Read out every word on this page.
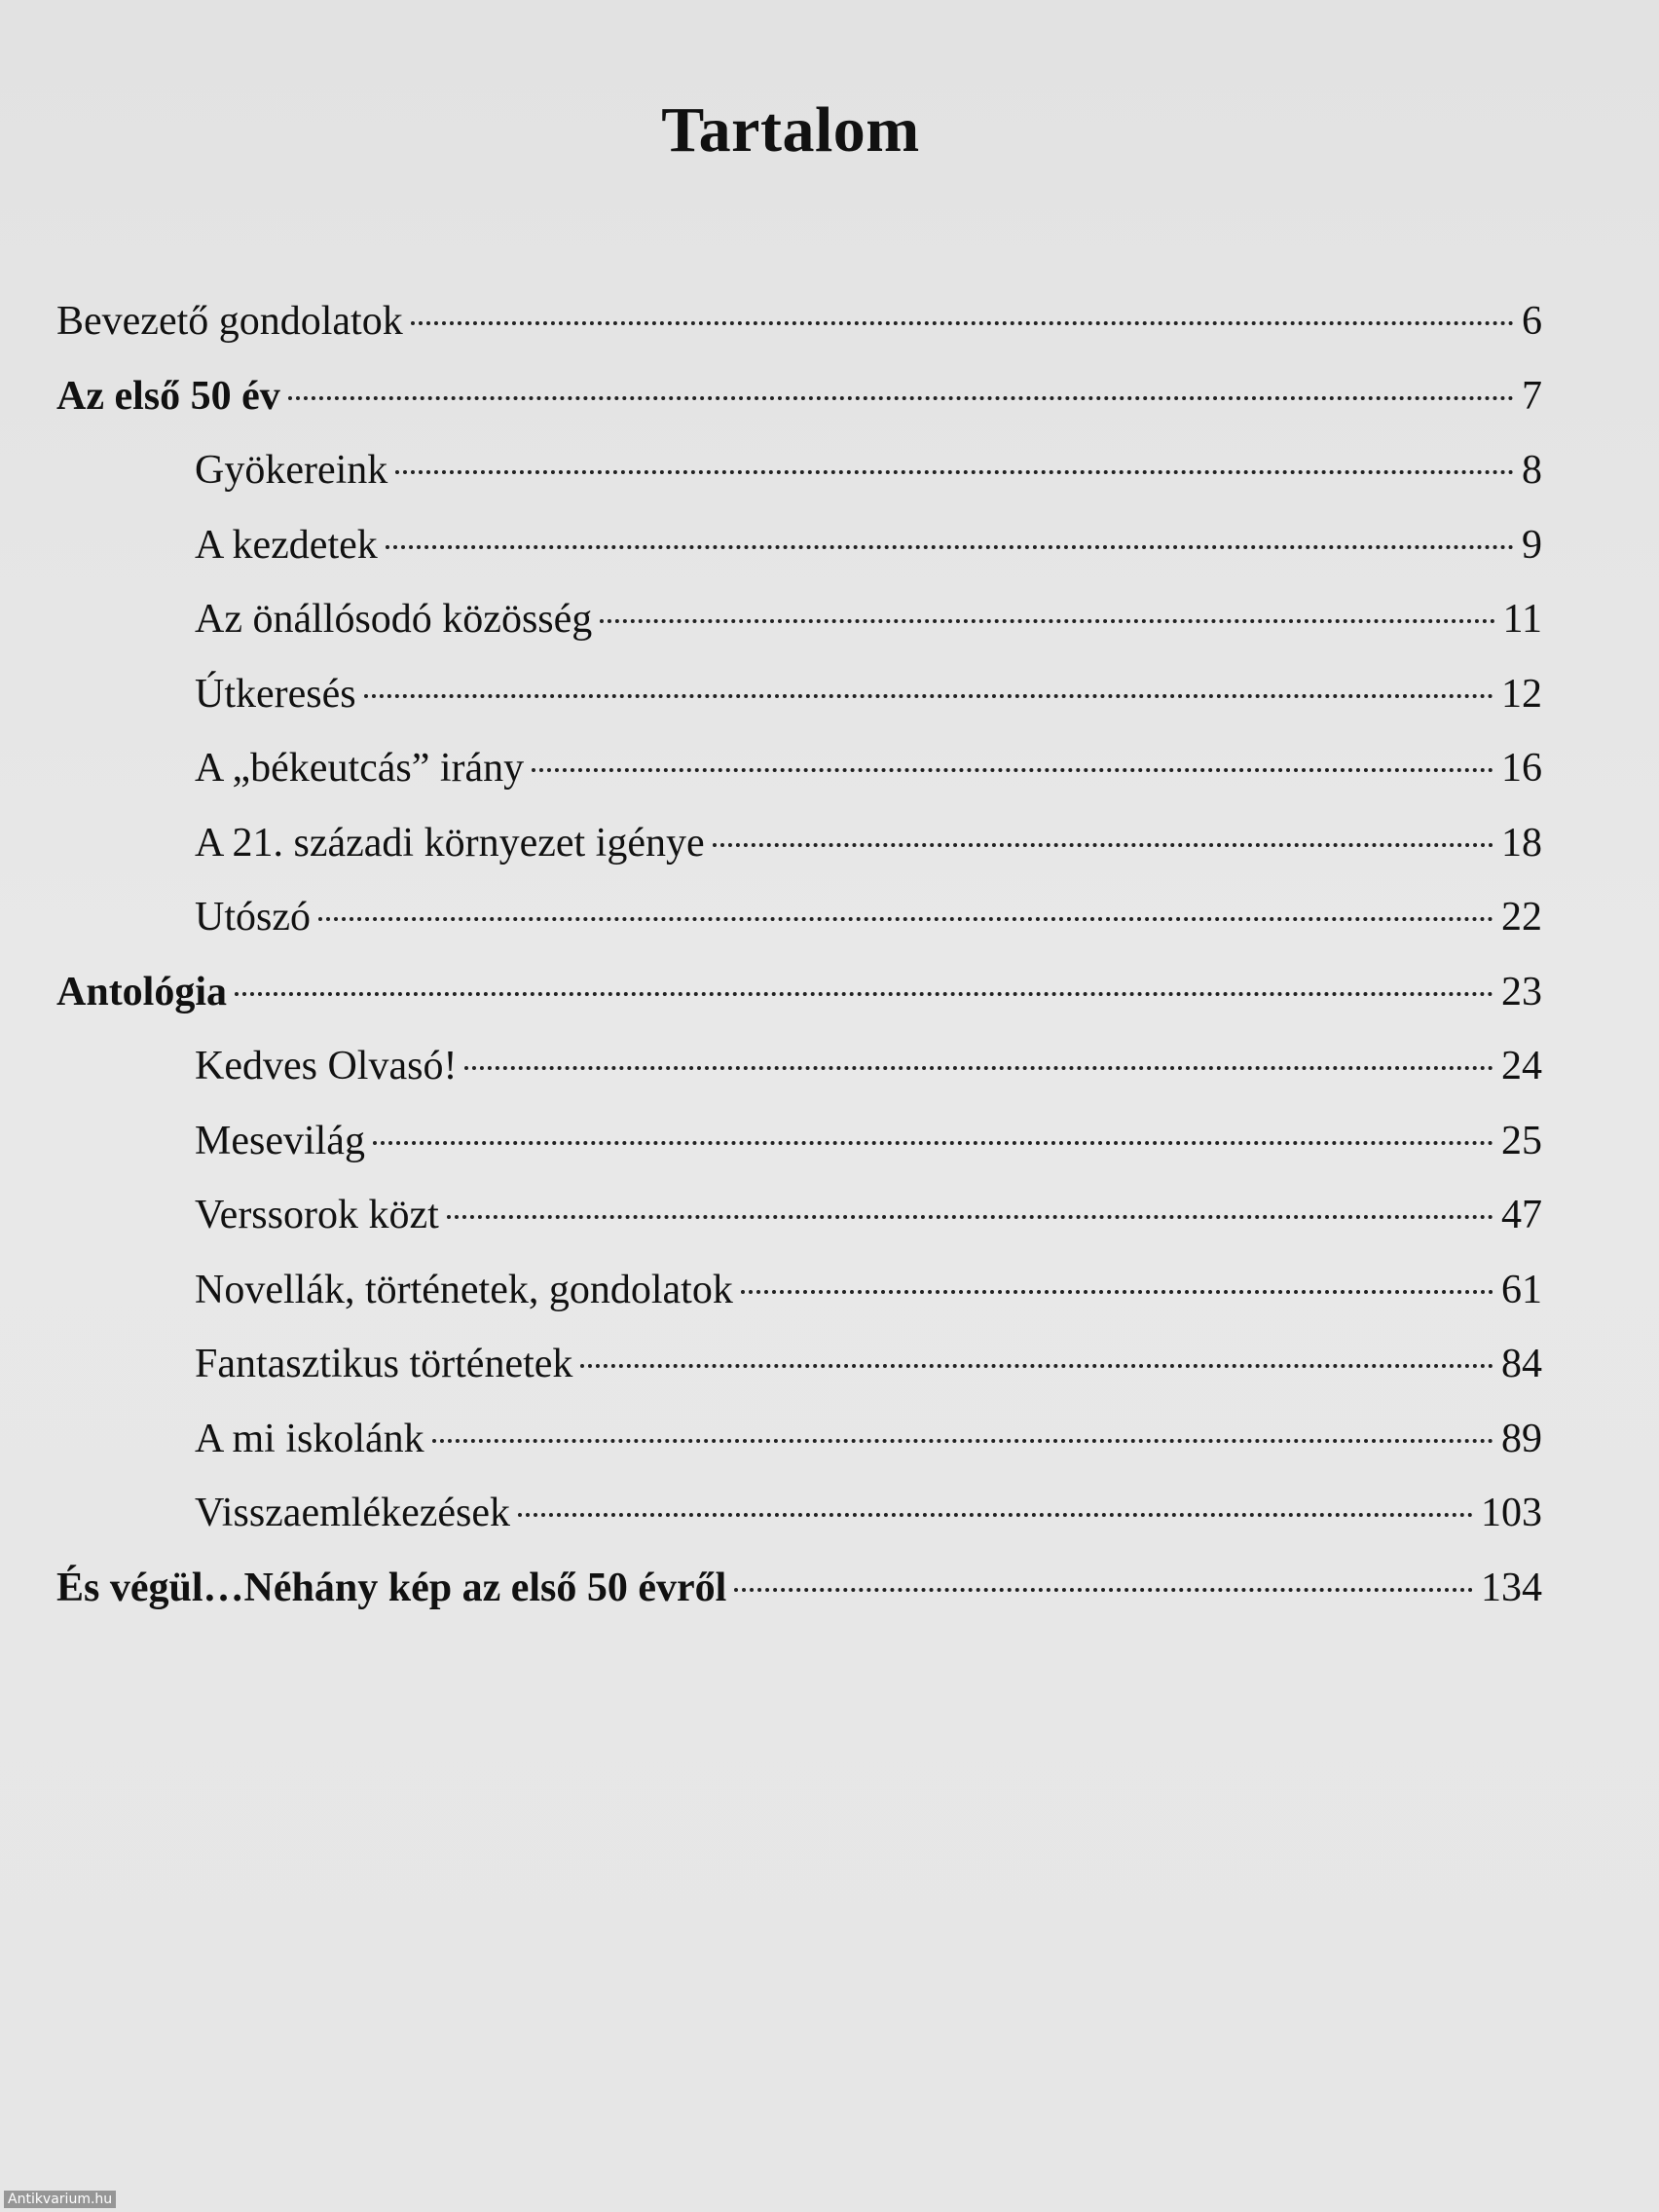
Tartalom
Bevezető gondolatok	6
Az első 50 év	7
Gyökereink	8
A kezdetek	9
Az önállósodó közösség	11
Útkeresés	12
A „békeutcás” irány	16
A 21. századi környezet igénye	18
Utószó	22
Antológia	23
Kedves Olvasó!	24
Mesevilág	25
Verssorok közt	47
Novellák, történetek, gondolatok	61
Fantasztikus történetek	84
A mi iskolánk	89
Visszaemlékezések	103
És végül…Néhány kép az első 50 évről	134
Antikvarium.hu
